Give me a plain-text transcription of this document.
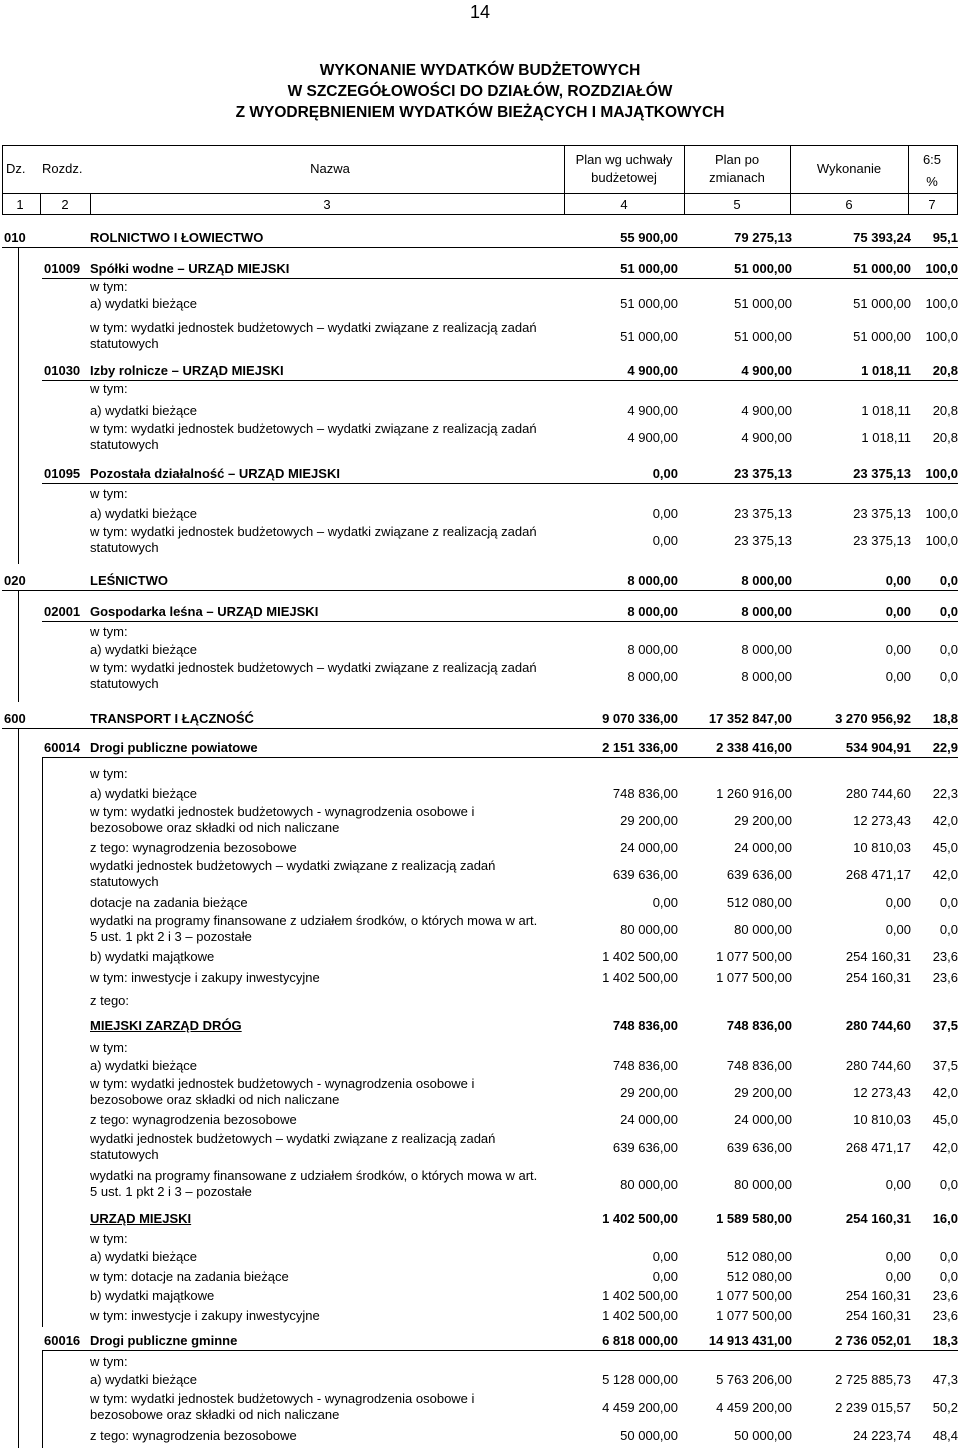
14
WYKONANIE WYDATKÓW BUDŻETOWYCH
W SZCZEGÓŁOWOŚCI DO DZIAŁÓW, ROZDZIAŁÓW
Z WYODRĘBNIENIEM WYDATKÓW BIEŻĄCYCH I MAJĄTKOWYCH
Dz. Rozdz.	Nazwa
Plan wg uchwały
budżetowej
Plan po
zmianach
Wykonanie
6:5
%
1	2	3	4	5	6	7
010	ROLNICTWO I ŁOWIECTWO	55 900,00	79 275,13	75 393,24 95,1
01009 Spółki wodne – URZĄD MIEJSKI	51 000,00	51 000,00	51 000,00 100,0
w tym:
a) wydatki bieżące	51 000,00	51 000,00	51 000,00 100,0
w tym: wydatki jednostek budżetowych – wydatki związane z realizacją zadań statutowych	51 000,00	51 000,00	51 000,00 100,0
01030 Izby rolnicze – URZĄD MIEJSKI	4 900,00	4 900,00	1 018,11 20,8
w tym:
a) wydatki bieżące	4 900,00	4 900,00	1 018,11 20,8
w tym: wydatki jednostek budżetowych – wydatki związane z realizacją zadań statutowych	4 900,00	4 900,00	1 018,11 20,8
01095 Pozostała działalność – URZĄD MIEJSKI	0,00	23 375,13	23 375,13 100,0
w tym:
a) wydatki bieżące	0,00	23 375,13	23 375,13 100,0
w tym: wydatki jednostek budżetowych – wydatki związane z realizacją zadań statutowych	0,00	23 375,13	23 375,13 100,0
020	LEŚNICTWO	8 000,00	8 000,00	0,00 0,0
02001 Gospodarka leśna – URZĄD MIEJSKI	8 000,00	8 000,00	0,00 0,0
w tym:
a) wydatki bieżące	8 000,00	8 000,00	0,00 0,0
w tym: wydatki jednostek budżetowych – wydatki związane z realizacją zadań statutowych	8 000,00	8 000,00	0,00 0,0
600	TRANSPORT I ŁĄCZNOŚĆ	9 070 336,00 17 352 847,00	3 270 956,92 18,8
60014 Drogi publiczne powiatowe	2 151 336,00	2 338 416,00	534 904,91 22,9
w tym:
a) wydatki bieżące	748 836,00	1 260 916,00	280 744,60 22,3
w tym: wydatki jednostek budżetowych - wynagrodzenia osobowe i bezosobowe oraz składki od nich naliczane	29 200,00	29 200,00	12 273,43 42,0
z tego: wynagrodzenia bezosobowe	24 000,00	24 000,00	10 810,03 45,0
wydatki jednostek budżetowych – wydatki związane z realizacją zadań statutowych	639 636,00	639 636,00	268 471,17 42,0
dotacje na zadania bieżące	0,00	512 080,00	0,00 0,0
wydatki na programy finansowane z udziałem środków, o których mowa w art. 5 ust. 1 pkt 2 i 3 – pozostałe	80 000,00	80 000,00	0,00 0,0
b) wydatki majątkowe	1 402 500,00	1 077 500,00	254 160,31 23,6
w tym: inwestycje i zakupy inwestycyjne	1 402 500,00	1 077 500,00	254 160,31 23,6
z tego:
MIEJSKI ZARZĄD DRÓG	748 836,00	748 836,00	280 744,60 37,5
w tym:
a) wydatki bieżące	748 836,00	748 836,00	280 744,60 37,5
w tym: wydatki jednostek budżetowych - wynagrodzenia osobowe i bezosobowe oraz składki od nich naliczane	29 200,00	29 200,00	12 273,43 42,0
z tego: wynagrodzenia bezosobowe	24 000,00	24 000,00	10 810,03 45,0
wydatki jednostek budżetowych – wydatki związane z realizacją zadań statutowych	639 636,00	639 636,00	268 471,17 42,0
wydatki na programy finansowane z udziałem środków, o których mowa w art. 5 ust. 1 pkt 2 i 3 – pozostałe	80 000,00	80 000,00	0,00 0,0
URZĄD MIEJSKI	1 402 500,00	1 589 580,00	254 160,31 16,0
w tym:
a) wydatki bieżące	0,00	512 080,00	0,00 0,0
w tym: dotacje na zadania bieżące	0,00	512 080,00	0,00 0,0
b) wydatki majątkowe	1 402 500,00	1 077 500,00	254 160,31 23,6
w tym: inwestycje i zakupy inwestycyjne	1 402 500,00	1 077 500,00	254 160,31 23,6
60016 Drogi publiczne gminne	6 818 000,00 14 913 431,00	2 736 052,01 18,3
w tym:
a) wydatki bieżące	5 128 000,00	5 763 206,00	2 725 885,73 47,3
w tym: wydatki jednostek budżetowych - wynagrodzenia osobowe i bezosobowe oraz składki od nich naliczane	4 459 200,00	4 459 200,00	2 239 015,57 50,2
z tego: wynagrodzenia bezosobowe	50 000,00	50 000,00	24 223,74 48,4
